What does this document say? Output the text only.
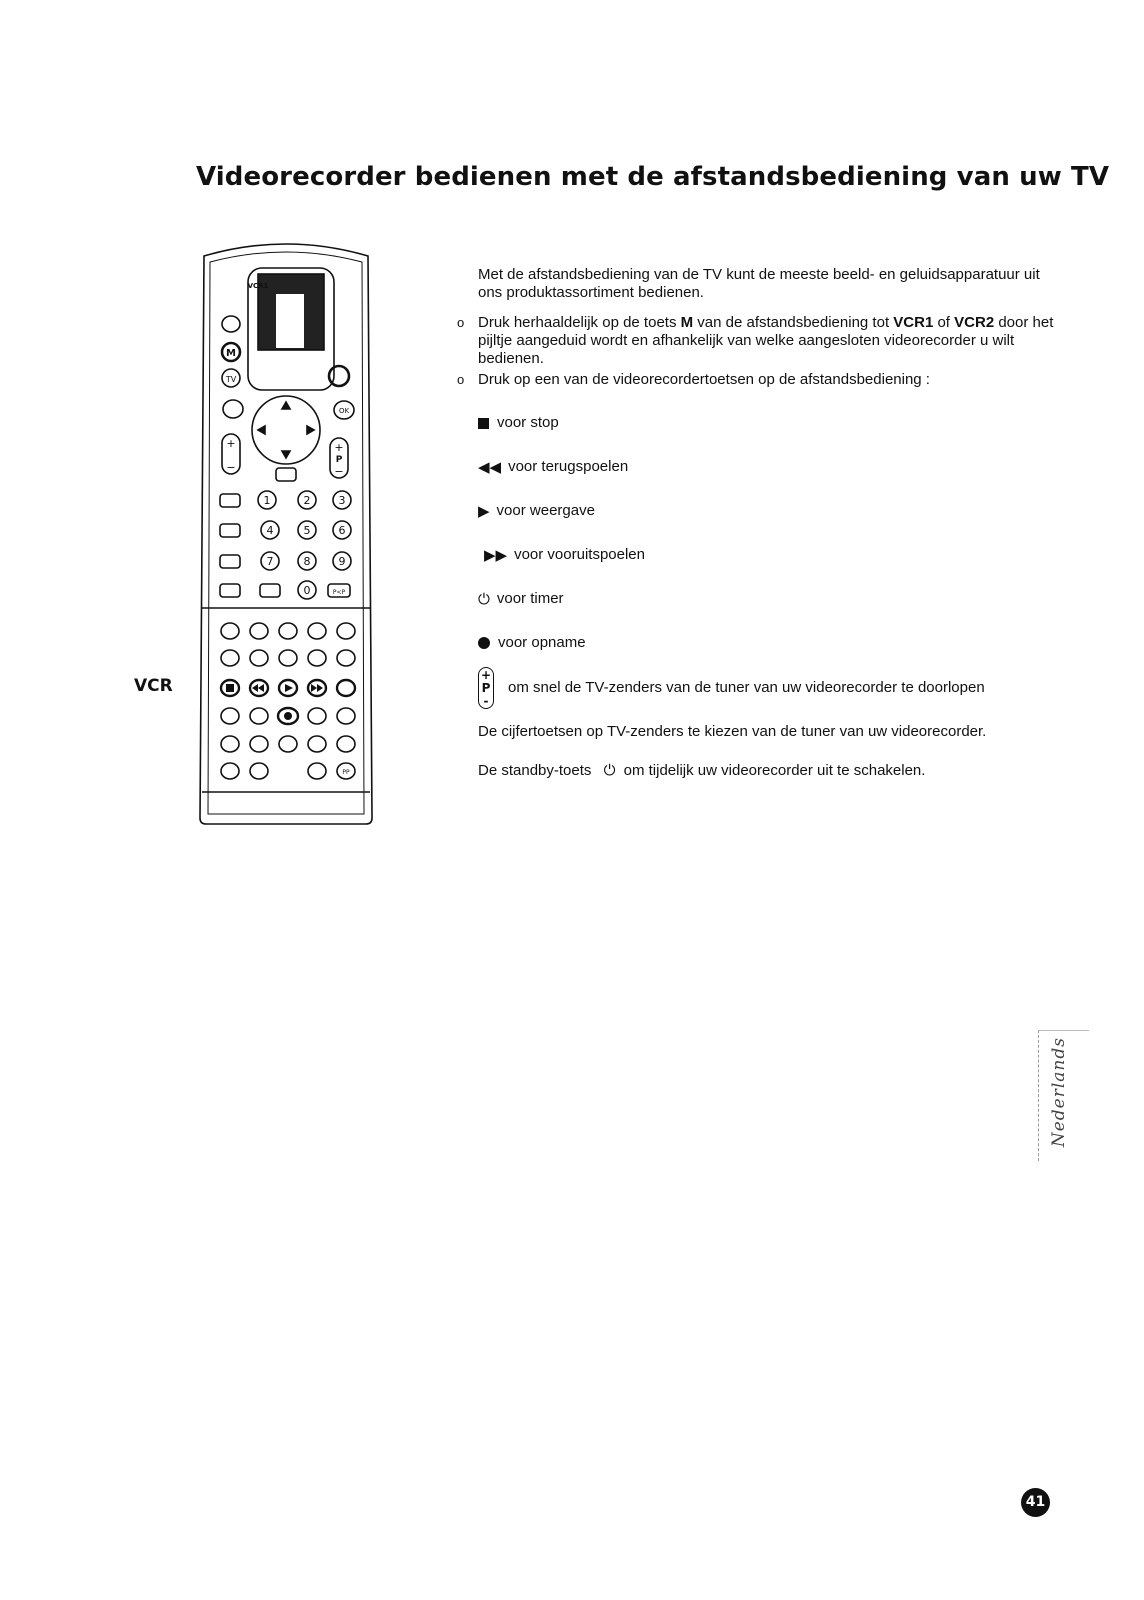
Videorecorder bedienen met de afstandsbediening van uw TV
VCR1
M
TV
OK
+
−
+
P
−
1	2	3
4	5	6
7	8	9
0	P<P
PP
VCR

Met de afstandsbediening van de TV kunt de meeste beeld- en geluidsapparatuur uit ons produktassortiment bedienen.

o Druk herhaaldelijk op de toets M van de afstandsbediening tot VCR1 of VCR2 door het pijltje aangeduid wordt en afhankelijk van welke aangesloten videorecorder u wilt bedienen.

o Druk op een van de videorecordertoetsen op de afstandsbediening :

voor stop

◀◀ voor terugspoelen

▶ voor weergave

▶▶ voor vooruitspoelen

⏻ voor timer

voor opname

+
P
-
om snel de TV-zenders van de tuner van uw videorecorder te doorlopen

De cijfertoetsen op TV-zenders te kiezen van de tuner van uw videorecorder.

De standby-toets ⏻ om tijdelijk uw videorecorder uit te schakelen.

Nederlands
41
